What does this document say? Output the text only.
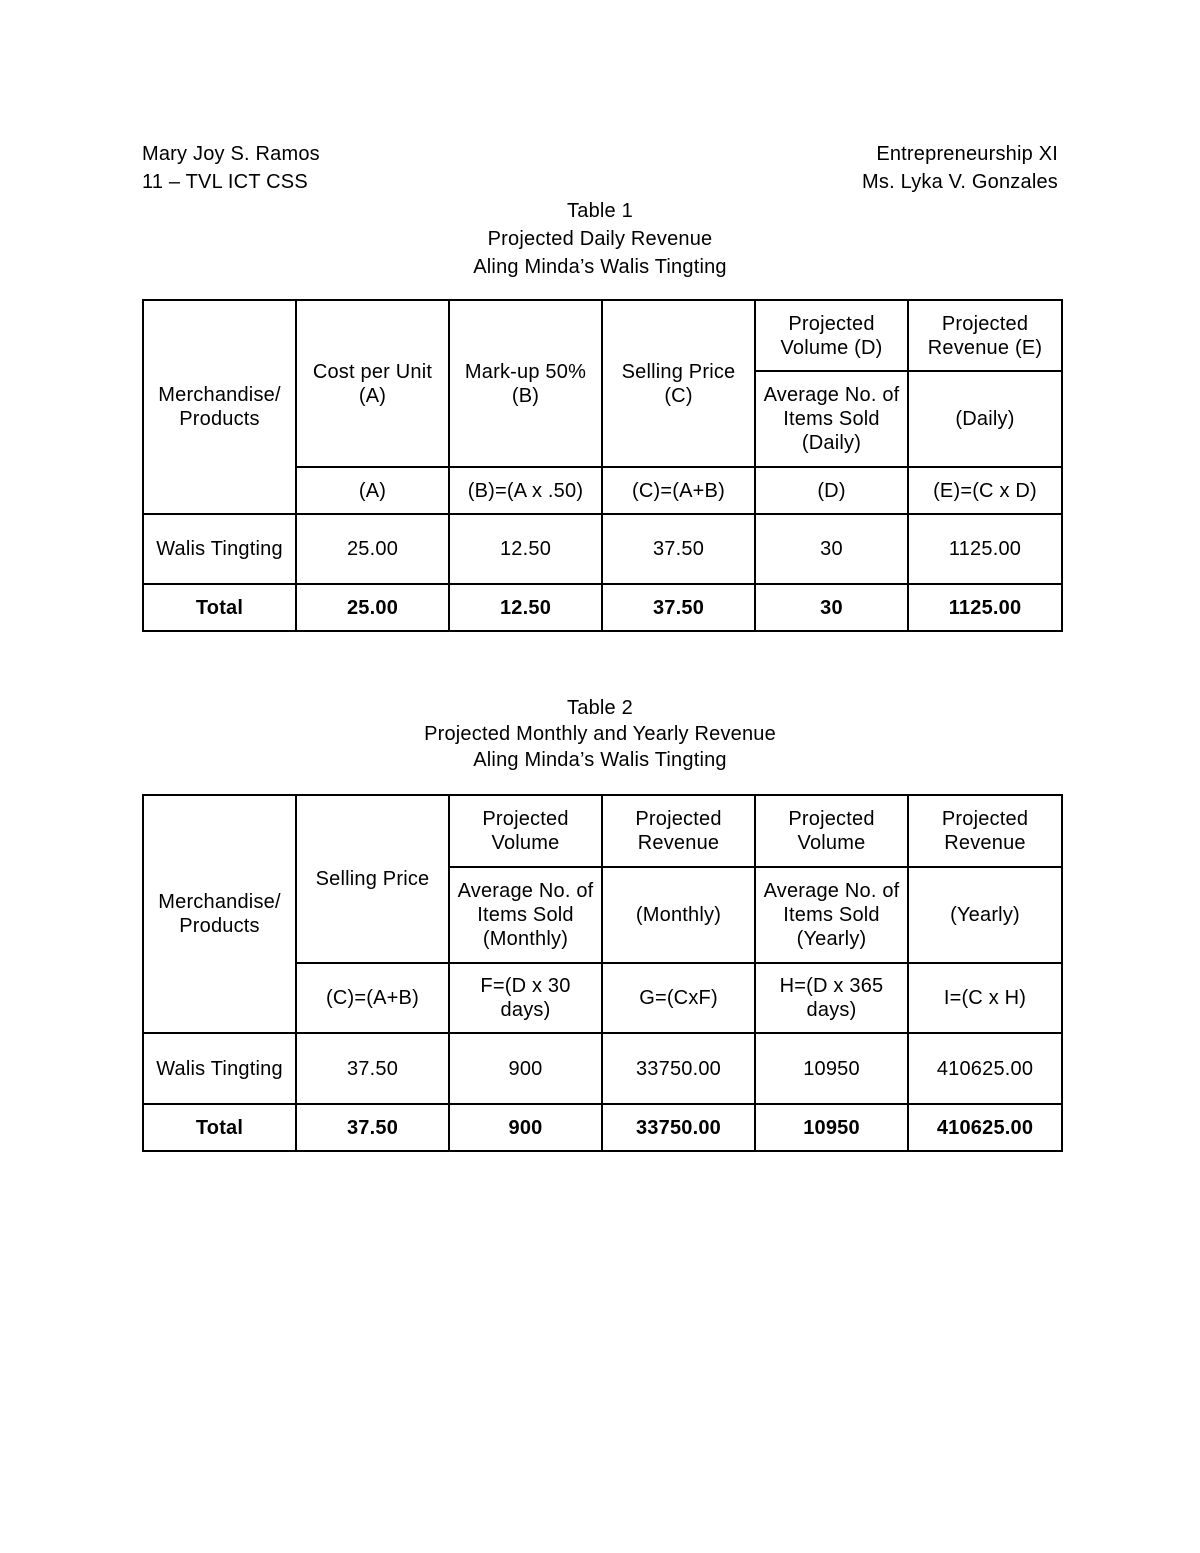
Mary Joy S. Ramos
11 – TVL ICT CSS
Entrepreneurship XI
Ms. Lyka V. Gonzales
Table 1
Projected Daily Revenue
Aling Minda’s Walis Tingting
Merchandise/ Products	Cost per Unit (A)	Mark-up 50% (B)	Selling Price (C)	Projected Volume (D)	Projected Revenue (E)
				Average No. of Items Sold (Daily)	(Daily)
	(A)	(B)=(A x .50)	(C)=(A+B)	(D)	(E)=(C x D)
Walis Tingting	25.00	12.50	37.50	30	1125.00
Total	25.00	12.50	37.50	30	1125.00
Table 2
Projected Monthly and Yearly Revenue
Aling Minda’s Walis Tingting
Merchandise/ Products	Selling Price	Projected Volume	Projected Revenue	Projected Volume	Projected Revenue
		Average No. of Items Sold (Monthly)	(Monthly)	Average No. of Items Sold (Yearly)	(Yearly)
	(C)=(A+B)	F=(D x 30 days)	G=(CxF)	H=(D x 365 days)	I=(C x H)
Walis Tingting	37.50	900	33750.00	10950	410625.00
Total	37.50	900	33750.00	10950	410625.00
